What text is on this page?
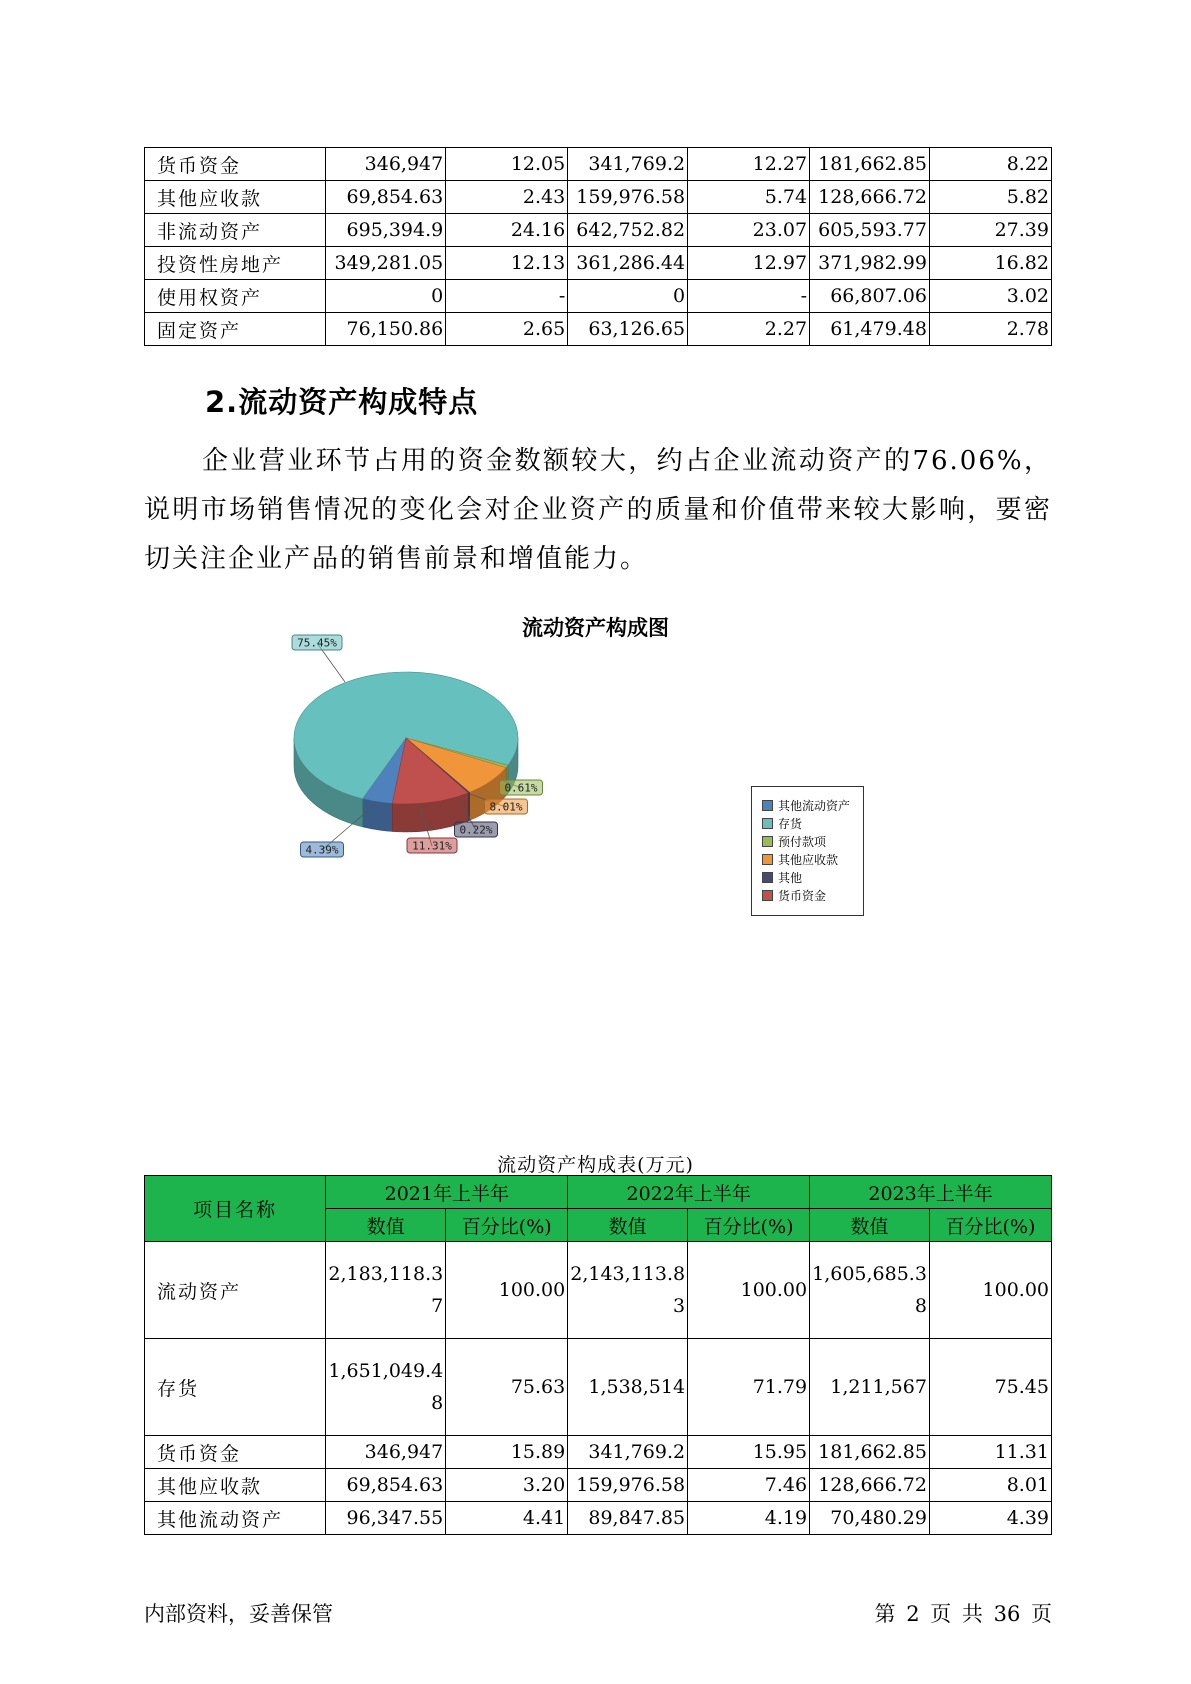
货币资金	346,947	12.05	341,769.2	12.27	181,662.85	8.22
其他应收款	69,854.63	2.43	159,976.58	5.74	128,666.72	5.82
非流动资产	695,394.9	24.16	642,752.82	23.07	605,593.77	27.39
投资性房地产	349,281.05	12.13	361,286.44	12.97	371,982.99	16.82
使用权资产	0	-	0	-	66,807.06	3.02
固定资产	76,150.86	2.65	63,126.65	2.27	61,479.48	2.78
2.流动资产构成特点

企业营业环节占用的资金数额较大，约占企业流动资产的76.06%，说明市场销售情况的变化会对企业资产的质量和价值带来较大影响，要密切关注企业产品的销售前景和增值能力。

流动资产构成图
4.39%
75.45%
0.61%
8.01%
0.22%
11.31%
其他流动资产
存货
预付款项
其他应收款
其他
货币资金
流动资产构成表(万元)
项目名称	2021年上半年		2022年上半年		2023年上半年	
	数值	百分比(%)	数值	百分比(%)	数值	百分比(%)
流动资产	2,183,118.37	100.00	2,143,113.83	100.00	1,605,685.38	100.00
存货	1,651,049.48	75.63	1,538,514	71.79	1,211,567	75.45
货币资金	346,947	15.89	341,769.2	15.95	181,662.85	11.31
其他应收款	69,854.63	3.20	159,976.58	7.46	128,666.72	8.01
其他流动资产	96,347.55	4.41	89,847.85	4.19	70,480.29	4.39
内部资料，妥善保管	第 2 页 共 36 页
